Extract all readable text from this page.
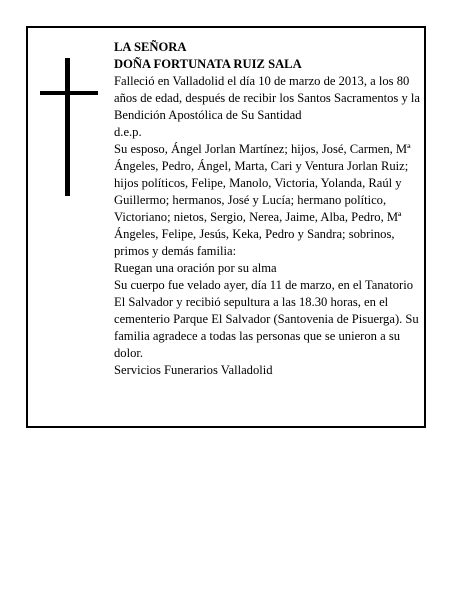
LA SEÑORA

DOÑA FORTUNATA RUIZ SALA

Falleció en Valladolid el día 10 de marzo de 2013, a los 80 años de edad, después de recibir los Santos Sacramentos y la Bendición Apostólica de Su Santidad

d.e.p.

Su esposo, Ángel Jorlan Martínez; hijos, José, Carmen, Mª Ángeles, Pedro, Ángel, Marta, Cari y Ventura Jorlan Ruiz; hijos políticos, Felipe, Manolo, Victoria, Yolanda, Raúl y Guillermo; hermanos, José y Lucía; hermano político, Victoriano; nietos, Sergio, Nerea, Jaime, Alba, Pedro, Mª Ángeles, Felipe, Jesús, Keka, Pedro y Sandra; sobrinos, primos y demás familia:

Ruegan una oración por su alma

Su cuerpo fue velado ayer, día 11 de marzo, en el Tanatorio El Salvador y recibió sepultura a las 18.30 horas, en el cementerio Parque El Salvador (Santovenia de Pisuerga). Su familia agradece a todas las personas que se unieron a su dolor.

Servicios Funerarios Valladolid
